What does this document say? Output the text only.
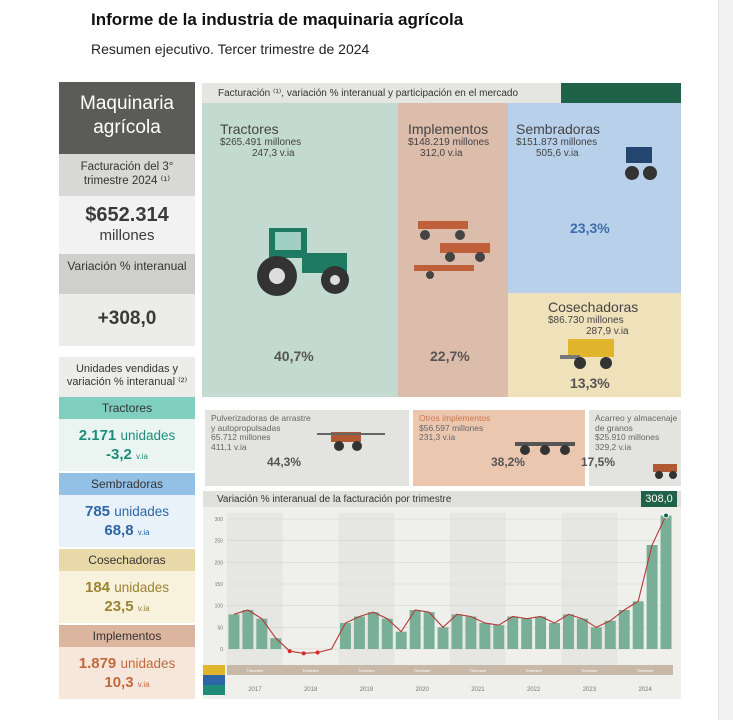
Informe de la industria de maquinaria agrícola
Resumen ejecutivo. Tercer trimestre de 2024
Maquinaria
agrícola
Facturación del 3° trimestre 2024 ⁽¹⁾
$652.314
millones
Variación % interanual
+308,0
Unidades vendidas y variación % interanual ⁽²⁾
Tractores
2.171 unidades
-3,2 v.ia
Sembradoras
785 unidades
68,8 v.ia
Cosechadoras
184 unidades
23,5 v.ia
Implementos
1.879 unidades
10,3 v.ia
Facturación ⁽¹⁾, variación % interanual y participación en el mercado
Tractores
$265.491 millones
247,3 v.ia
40,7%
Implementos
$148.219 millones
312,0 v.ia
22,7%
Sembradoras
$151.873 millones
505,6 v.ia
23,3%
Cosechadoras
$86.730 millones
287,9 v.ia
13,3%
Pulverizadoras de arrastre y autopropulsadas
65.712 millones
411,1 v.ia
44,3%
Otros implementos
$56.597 millones
231,3 v.ia
38,2%
Acarreo y almacenaje de granos
$25.910 millones
329,2 v.ia
17,5%
Variación % interanual de la facturación por trimestre	308,0
300
250
200
150
100
50
0
Trimestre
2017
Trimestre
2018
Trimestre
2019
Trimestre
2020
Trimestre
2021
Trimestre
2022
Trimestre
2023
Trimestre
2024
